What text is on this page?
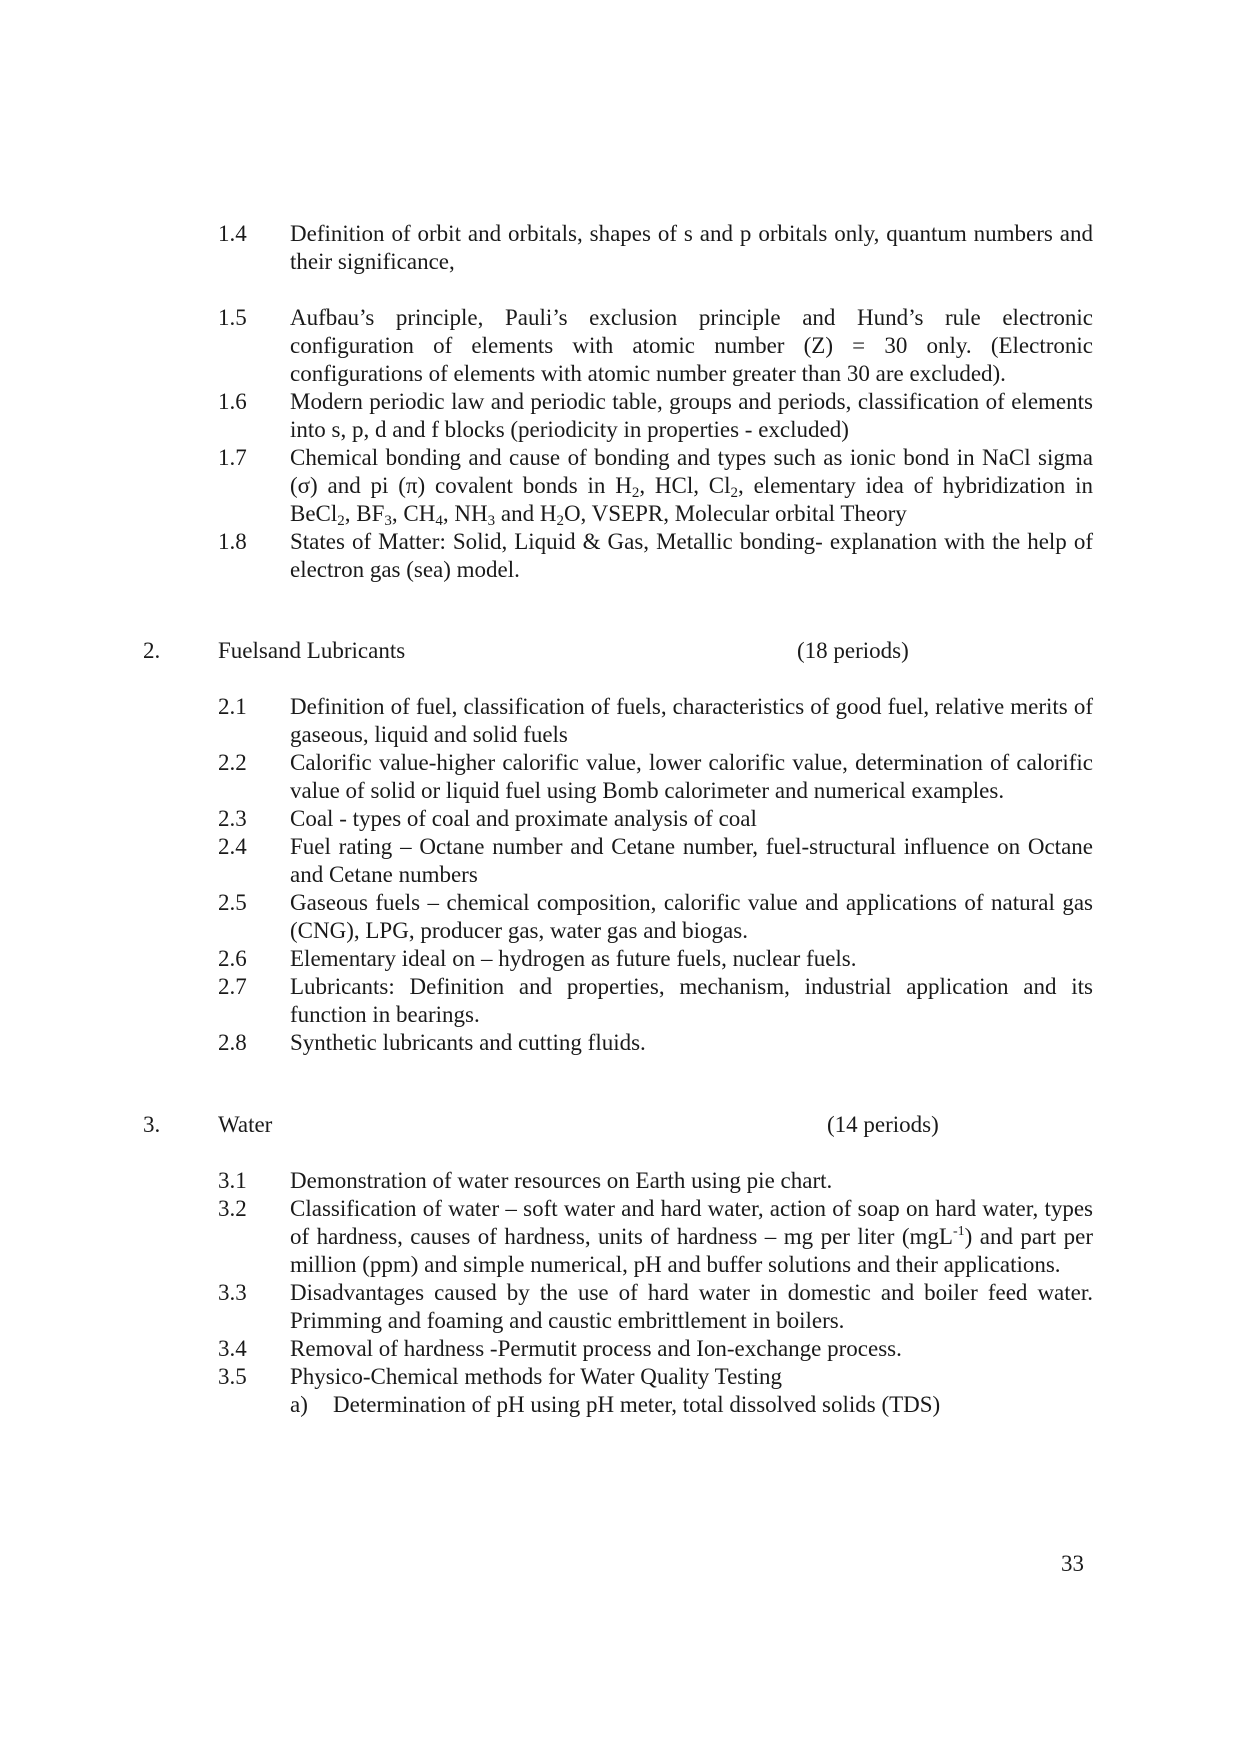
1.4 Definition of orbit and orbitals, shapes of s and p orbitals only, quantum numbers and their significance,
1.5 Aufbau’s principle, Pauli’s exclusion principle and Hund’s rule electronic configuration of elements with atomic number (Z) = 30 only. (Electronic configurations of elements with atomic number greater than 30 are excluded).
1.6 Modern periodic law and periodic table, groups and periods, classification of elements into s, p, d and f blocks (periodicity in properties - excluded)
1.7 Chemical bonding and cause of bonding and types such as ionic bond in NaCl sigma (σ) and pi (π) covalent bonds in $H_2$, HCl, $Cl_2$, elementary idea of hybridization in BeCl$_2$, $BF_3$, $CH_4$, $NH_3$ and $H_2O$, VSEPR, Molecular orbital Theory
1.8 States of Matter: Solid, Liquid & Gas, Metallic bonding- explanation with the help of electron gas (sea) model.
2.	Fuelsand Lubricants	(18 periods)
2.1 Definition of fuel, classification of fuels, characteristics of good fuel, relative merits of gaseous, liquid and solid fuels
2.2 Calorific value-higher calorific value, lower calorific value, determination of calorific value of solid or liquid fuel using Bomb calorimeter and numerical examples.
2.3 Coal - types of coal and proximate analysis of coal
2.4 Fuel rating – Octane number and Cetane number, fuel-structural influence on Octane and Cetane numbers
2.5 Gaseous fuels – chemical composition, calorific value and applications of natural gas (CNG), LPG, producer gas, water gas and biogas.
2.6 Elementary ideal on – hydrogen as future fuels, nuclear fuels.
2.7 Lubricants: Definition and properties, mechanism, industrial application and its function in bearings.
2.8 Synthetic lubricants and cutting fluids.
3.	Water	(14 periods)
3.1 Demonstration of water resources on Earth using pie chart.
3.2 Classification of water – soft water and hard water, action of soap on hard water, types of hardness, causes of hardness, units of hardness – mg per liter (mgL$^{-1}$) and part per million (ppm) and simple numerical, pH and buffer solutions and their applications.
3.3 Disadvantages caused by the use of hard water in domestic and boiler feed water. Primming and foaming and caustic embrittlement in boilers.
3.4 Removal of hardness -Permutit process and Ion-exchange process.
3.5 Physico-Chemical methods for Water Quality Testing
a) Determination of pH using pH meter, total dissolved solids (TDS)
33
